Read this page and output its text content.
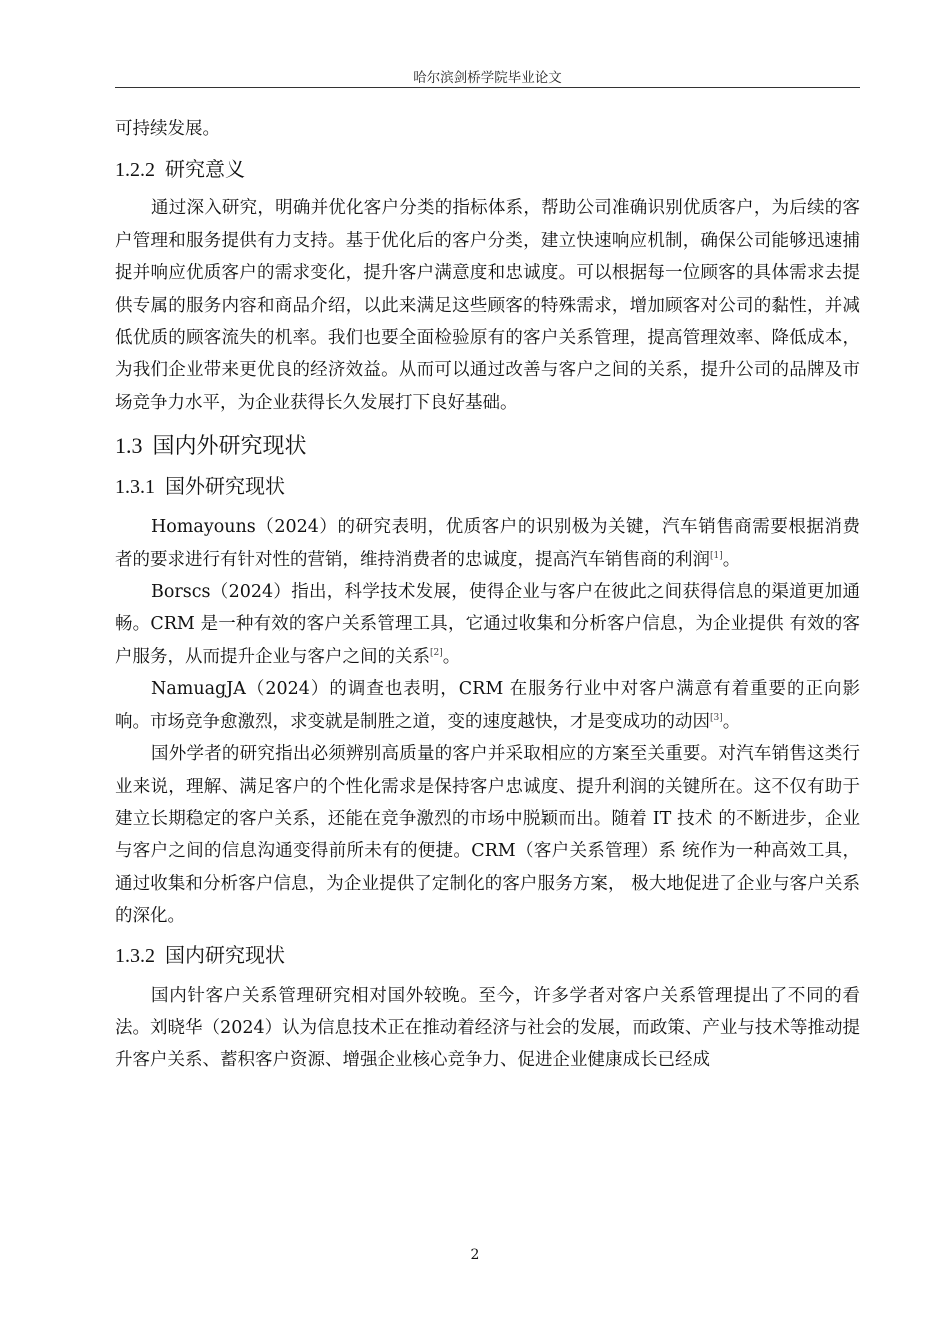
哈尔滨剑桥学院毕业论文

可持续发展。

1.2.2 研究意义

通过深入研究，明确并优化客户分类的指标体系，帮助公司准确识别优质客户，为后续的客户管理和服务提供有力支持。基于优化后的客户分类，建立快速响应机制，确保公司能够迅速捕捉并响应优质客户的需求变化，提升客户满意度和忠诚度。可以根据每一位顾客的具体需求去提供专属的服务内容和商品介绍，以此来满足这些顾客的特殊需求，增加顾客对公司的黏性，并减低优质的顾客流失的机率。我们也要全面检验原有的客户关系管理，提高管理效率、降低成本，为我们企业带来更优良的经济效益。从而可以通过改善与客户之间的关系，提升公司的品牌及市场竞争力水平，为企业获得长久发展打下良好基础。

1.3 国内外研究现状
1.3.1 国外研究现状

Homayouns（2024）的研究表明，优质客户的识别极为关键，汽车销售商需要根据消费者的要求进行有针对性的营销，维持消费者的忠诚度，提高汽车销售商的利润[1]。

Borscs（2024）指出，科学技术发展，使得企业与客户在彼此之间获得信息的渠道更加通畅。CRM 是一种有效的客户关系管理工具，它通过收集和分析客户信息，为企业提供 有效的客户服务，从而提升企业与客户之间的关系[2]。

NamuagJA（2024）的调查也表明，CRM 在服务行业中对客户满意有着重要的正向影响。市场竞争愈激烈，求变就是制胜之道，变的速度越快，才是变成功的动因[3]。

国外学者的研究指出必须辨别高质量的客户并采取相应的方案至关重要。对汽车销售这类行业来说，理解、满足客户的个性化需求是保持客户忠诚度、提升利润的关键所在。这不仅有助于建立长期稳定的客户关系，还能在竞争激烈的市场中脱颖而出。随着 IT 技术 的不断进步，企业与客户之间的信息沟通变得前所未有的便捷。CRM（客户关系管理）系 统作为一种高效工具，通过收集和分析客户信息，为企业提供了定制化的客户服务方案， 极大地促进了企业与客户关系的深化。

1.3.2 国内研究现状

国内针客户关系管理研究相对国外较晚。至今，许多学者对客户关系管理提出了不同的看法。刘晓华（2024）认为信息技术正在推动着经济与社会的发展，而政策、产业与技术等推动提升客户关系、蓄积客户资源、增强企业核心竞争力、促进企业健康成长已经成

2
